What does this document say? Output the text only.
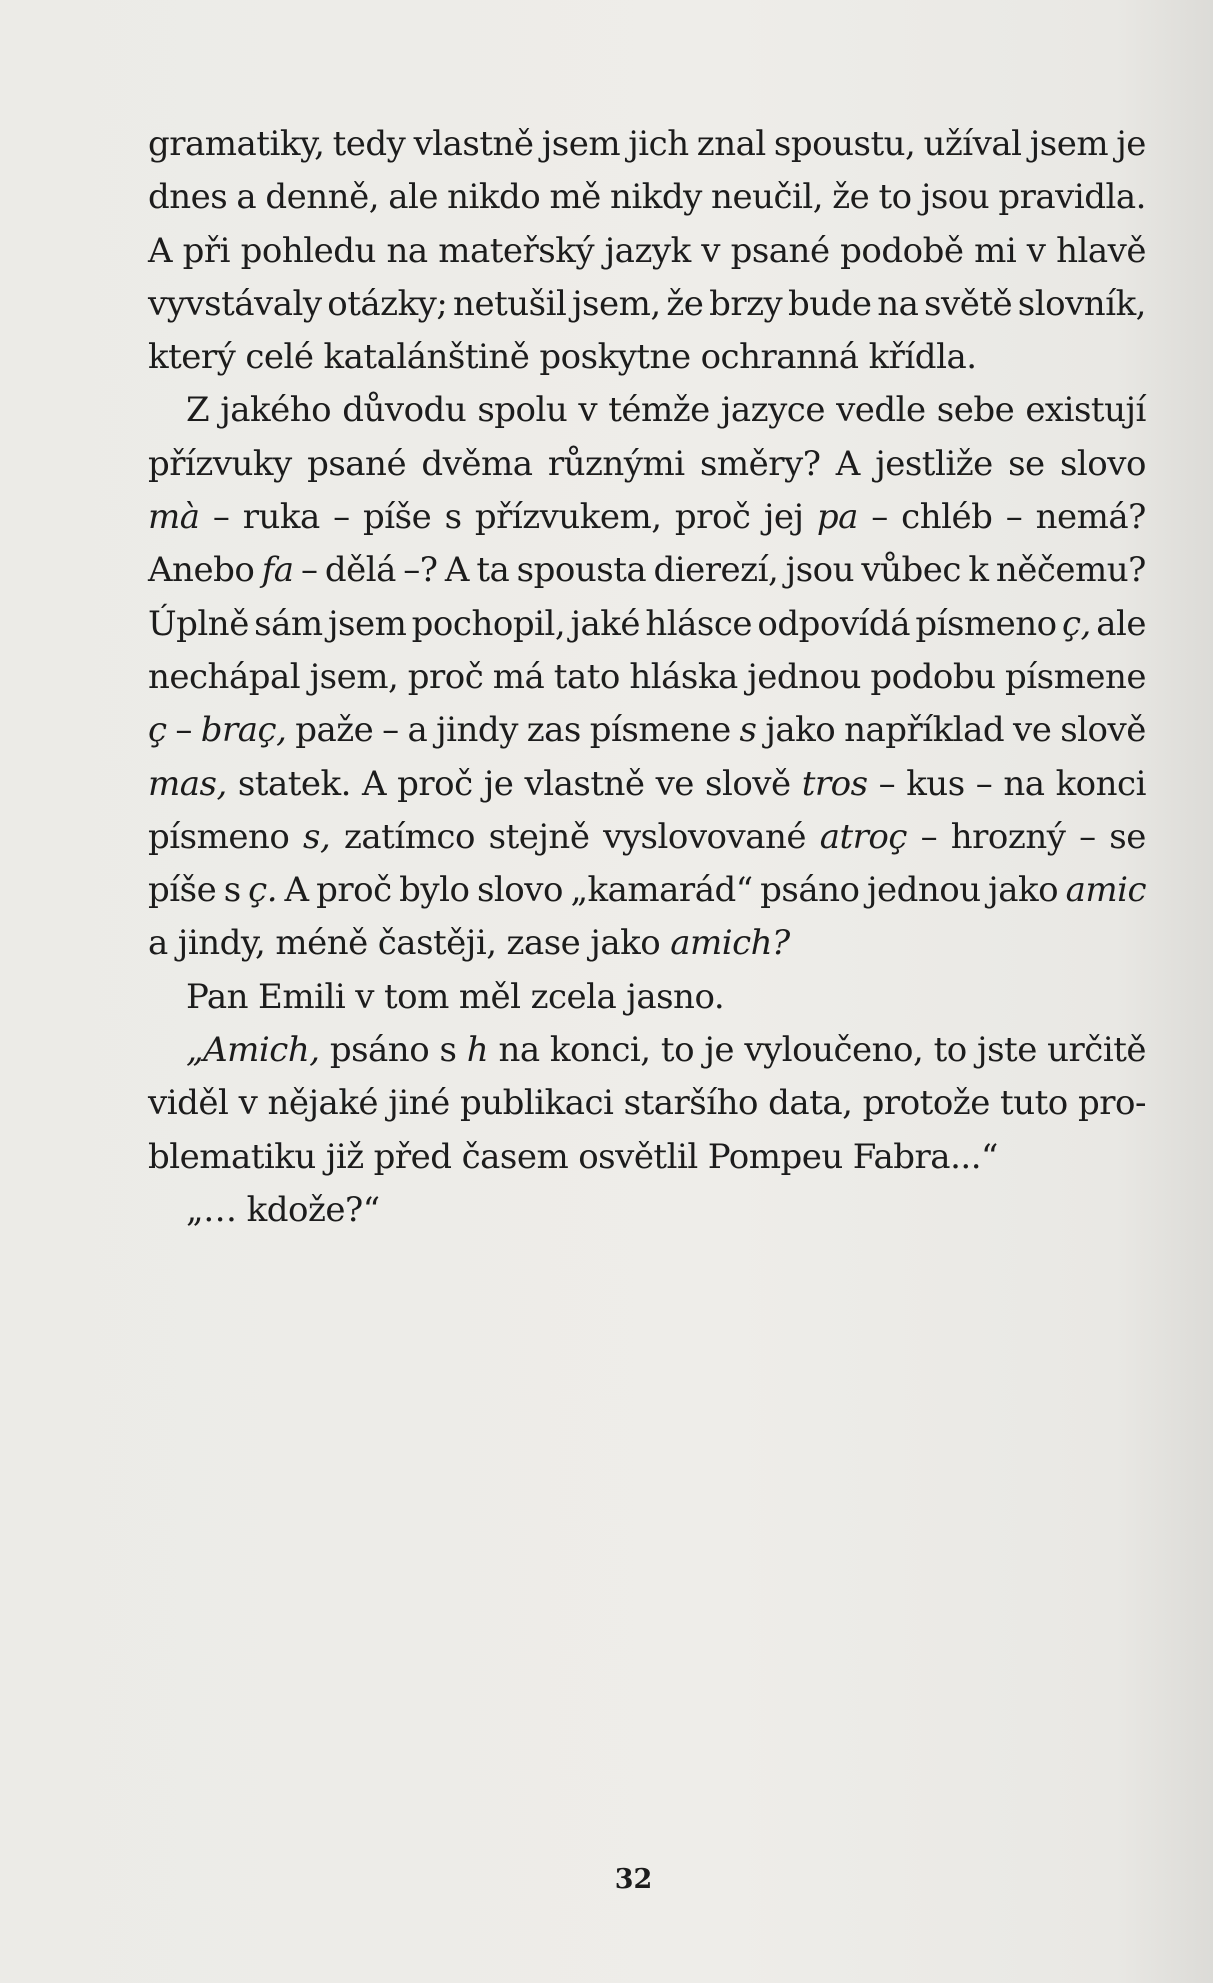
gramatiky, tedy vlastně jsem jich znal spoustu, užíval jsem je
dnes a denně, ale nikdo mě nikdy neučil, že to jsou pravidla.
A při pohledu na mateřský jazyk v psané podobě mi v hlavě
vyvstávaly otázky; netušil jsem, že brzy bude na světě slovník,
který celé katalánštině poskytne ochranná křídla.
Z jakého důvodu spolu v témže jazyce vedle sebe existují
přízvuky psané dvěma různými směry? A jestliže se slovo
mà – ruka – píše s přízvukem, proč jej pa – chléb – nemá?
Anebo fa – dělá –? A ta spousta dierezí, jsou vůbec k něčemu?
Úplně sám jsem pochopil, jaké hlásce odpovídá písmeno ç, ale
nechápal jsem, proč má tato hláska jednou podobu písmene
ç – braç, paže – a jindy zas písmene s jako například ve slově
mas, statek. A proč je vlastně ve slově tros – kus – na konci
písmeno s, zatímco stejně vyslovované atroç – hrozný – se
píše s ç. A proč bylo slovo „kamarád“ psáno jednou jako amic
a jindy, méně častěji, zase jako amich?
Pan Emili v tom měl zcela jasno.
„Amich, psáno s h na konci, to je vyloučeno, to jste určitě
viděl v nějaké jiné publikaci staršího data, protože tuto pro-
blematiku již před časem osvětlil Pompeu Fabra...“
„… kdože?“
32
